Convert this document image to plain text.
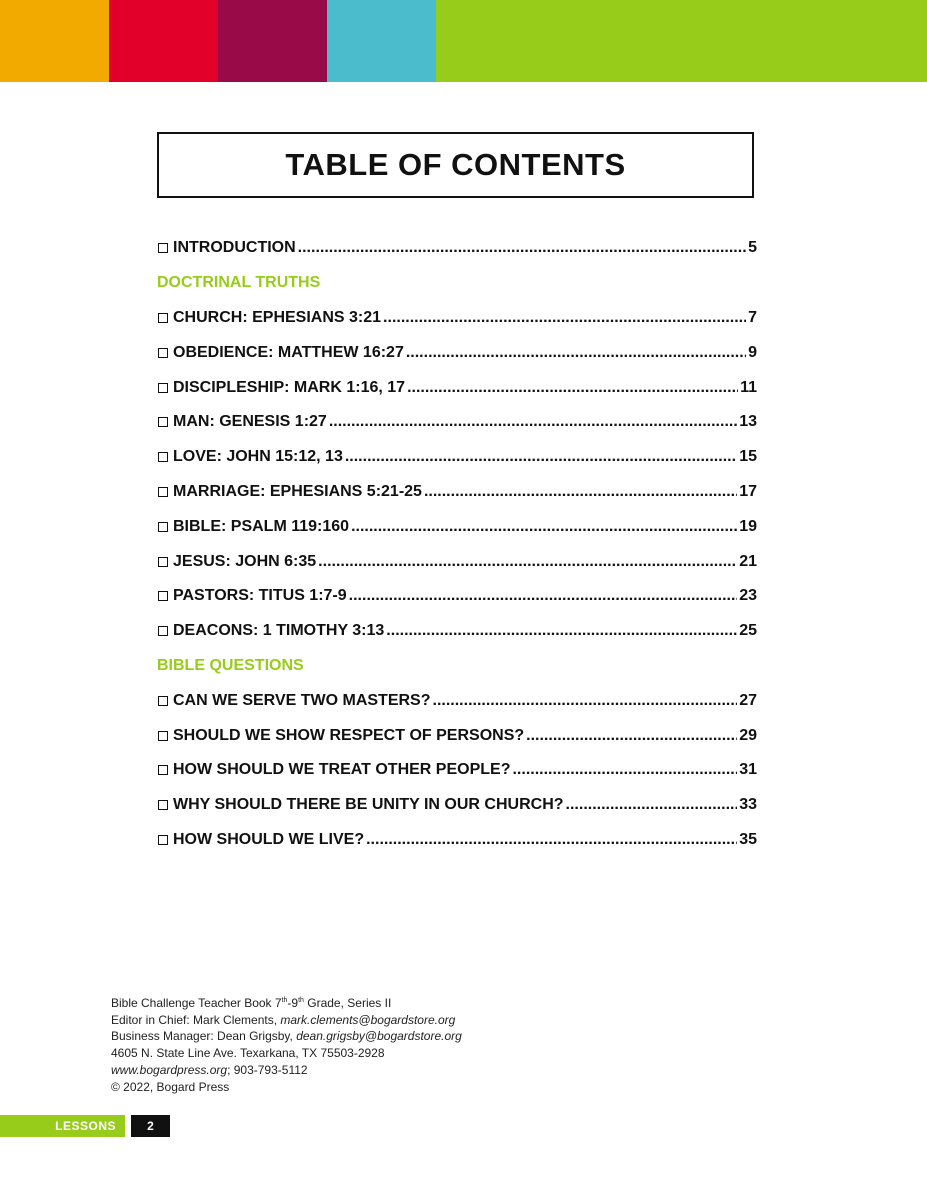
TABLE OF CONTENTS
INTRODUCTION .....	5
DOCTRINAL TRUTHS
CHURCH: EPHESIANS 3:21 .....	7
OBEDIENCE: MATTHEW 16:27 .....	9
DISCIPLESHIP: MARK 1:16, 17 .....	11
MAN: GENESIS 1:27 .....	13
LOVE: JOHN 15:12, 13 .....	15
MARRIAGE: EPHESIANS 5:21-25 .....	17
BIBLE: PSALM 119:160 .....	19
JESUS: JOHN 6:35 .....	21
PASTORS: TITUS 1:7-9 .....	23
DEACONS: 1 TIMOTHY 3:13 .....	25
BIBLE QUESTIONS
CAN WE SERVE TWO MASTERS? .....	27
SHOULD WE SHOW RESPECT OF PERSONS? .....	29
HOW SHOULD WE TREAT OTHER PEOPLE? .....	31
WHY SHOULD THERE BE UNITY IN OUR CHURCH? .....	33
HOW SHOULD WE LIVE? .....	35
Bible Challenge Teacher Book 7th-9th Grade, Series II
Editor in Chief: Mark Clements, mark.clements@bogardstore.org
Business Manager: Dean Grigsby, dean.grigsby@bogardstore.org
4605 N. State Line Ave. Texarkana, TX 75503-2928
www.bogardpress.org; 903-793-5112
© 2022, Bogard Press
LESSONS	2
